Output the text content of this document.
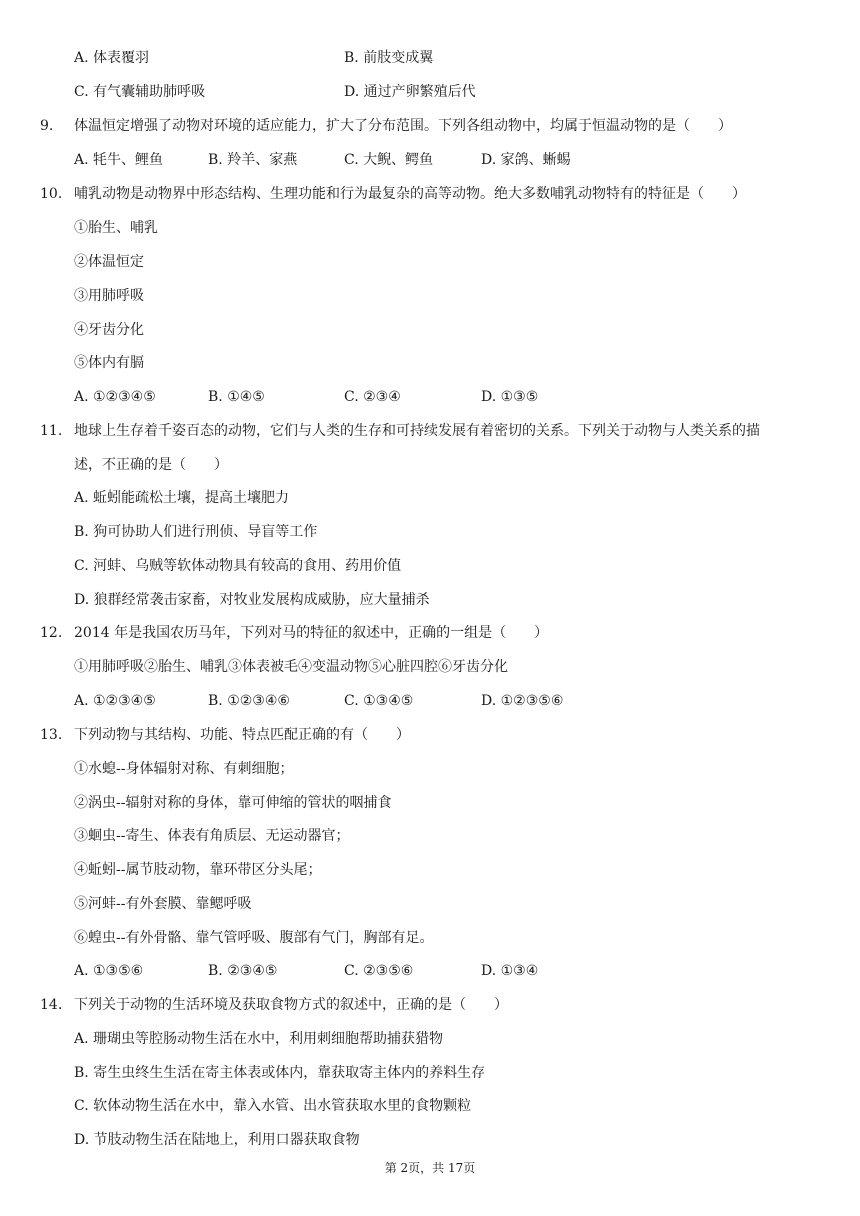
A. 体表覆羽	B. 前肢变成翼
C. 有气囊辅助肺呼吸	D. 通过产卵繁殖后代
9. 体温恒定增强了动物对环境的适应能力，扩大了分布范围。下列各组动物中，均属于恒温动物的是（　　）
A. 牦牛、鲤鱼	B. 羚羊、家燕	C. 大鲵、鳄鱼	D. 家鸽、蜥蜴
10. 哺乳动物是动物界中形态结构、生理功能和行为最复杂的高等动物。绝大多数哺乳动物特有的特征是（　　）
①胎生、哺乳
②体温恒定
③用肺呼吸
④牙齿分化
⑤体内有膈
A. ①②③④⑤	B. ①④⑤	C. ②③④	D. ①③⑤
11. 地球上生存着千姿百态的动物，它们与人类的生存和可持续发展有着密切的关系。下列关于动物与人类关系的描
述，不正确的是（　　）
A. 蚯蚓能疏松土壤，提高土壤肥力
B. 狗可协助人们进行刑侦、导盲等工作
C. 河蚌、乌贼等软体动物具有较高的食用、药用价值
D. 狼群经常袭击家畜，对牧业发展构成威胁，应大量捕杀
12. 2014 年是我国农历马年，下列对马的特征的叙述中，正确的一组是（　　）
①用肺呼吸②胎生、哺乳③体表被毛④变温动物⑤心脏四腔⑥牙齿分化
A. ①②③④⑤	B. ①②③④⑥	C. ①③④⑤	D. ①②③⑤⑥
13. 下列动物与其结构、功能、特点匹配正确的有（　　）
①水螅--身体辐射对称、有刺细胞；
②涡虫--辐射对称的身体，靠可伸缩的管状的咽捕食
③蛔虫--寄生、体表有角质层、无运动器官；
④蚯蚓--属节肢动物，靠环带区分头尾；
⑤河蚌--有外套膜、靠鳃呼吸
⑥蝗虫--有外骨骼、靠气管呼吸、腹部有气门，胸部有足。
A. ①③⑤⑥	B. ②③④⑤	C. ②③⑤⑥	D. ①③④
14. 下列关于动物的生活环境及获取食物方式的叙述中，正确的是（　　）
A. 珊瑚虫等腔肠动物生活在水中，利用刺细胞帮助捕获猎物
B. 寄生虫终生生活在寄主体表或体内，靠获取寄主体内的养料生存
C. 软体动物生活在水中，靠入水管、出水管获取水里的食物颗粒
D. 节肢动物生活在陆地上，利用口器获取食物
第 2页，共 17页
